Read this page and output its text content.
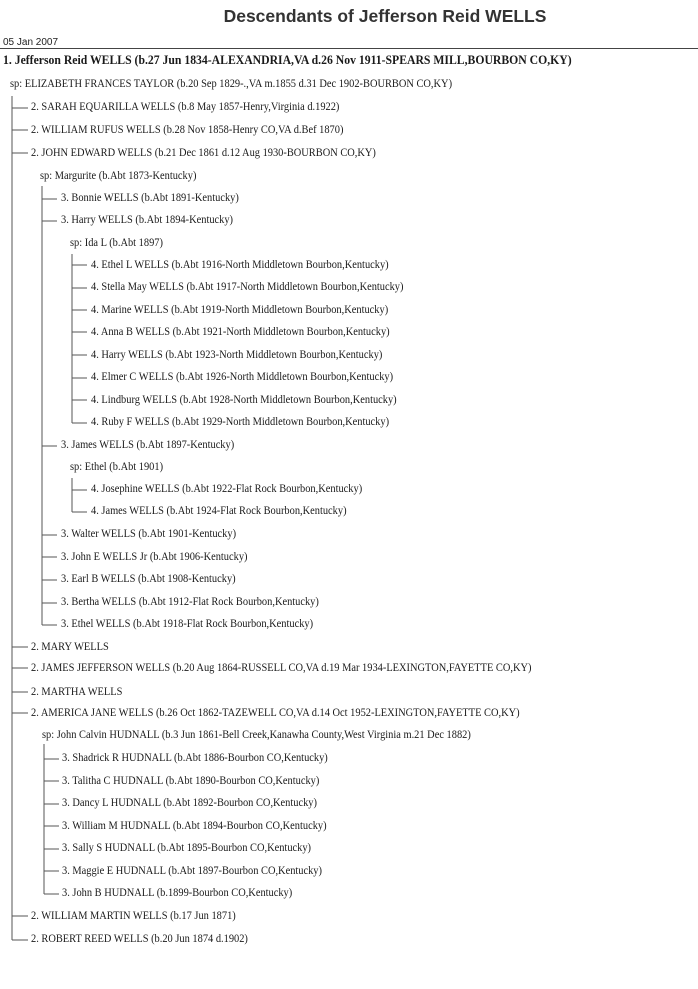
Descendants of Jefferson Reid WELLS
05 Jan 2007
1. Jefferson Reid WELLS (b.27 Jun 1834-ALEXANDRIA,VA d.26 Nov 1911-SPEARS MILL,BOURBON CO,KY)
sp: ELIZABETH FRANCES TAYLOR (b.20 Sep 1829-.,VA m.1855 d.31 Dec 1902-BOURBON CO,KY)
2. SARAH EQUARILLA WELLS (b.8 May 1857-Henry,Virginia d.1922)
2. WILLIAM RUFUS WELLS (b.28 Nov 1858-Henry CO,VA d.Bef 1870)
2. JOHN EDWARD WELLS (b.21 Dec 1861 d.12 Aug 1930-BOURBON CO,KY)
sp: Margurite (b.Abt 1873-Kentucky)
3. Bonnie WELLS (b.Abt 1891-Kentucky)
3. Harry WELLS (b.Abt 1894-Kentucky)
sp: Ida L (b.Abt 1897)
4. Ethel L WELLS (b.Abt 1916-North Middletown Bourbon,Kentucky)
4. Stella May WELLS (b.Abt 1917-North Middletown Bourbon,Kentucky)
4. Marine WELLS (b.Abt 1919-North Middletown Bourbon,Kentucky)
4. Anna B WELLS (b.Abt 1921-North Middletown Bourbon,Kentucky)
4. Harry WELLS (b.Abt 1923-North Middletown Bourbon,Kentucky)
4. Elmer C WELLS (b.Abt 1926-North Middletown Bourbon,Kentucky)
4. Lindburg WELLS (b.Abt 1928-North Middletown Bourbon,Kentucky)
4. Ruby F WELLS (b.Abt 1929-North Middletown Bourbon,Kentucky)
3. James WELLS (b.Abt 1897-Kentucky)
sp: Ethel (b.Abt 1901)
4. Josephine WELLS (b.Abt 1922-Flat Rock Bourbon,Kentucky)
4. James WELLS (b.Abt 1924-Flat Rock Bourbon,Kentucky)
3. Walter WELLS (b.Abt 1901-Kentucky)
3. John E WELLS Jr (b.Abt 1906-Kentucky)
3. Earl B WELLS (b.Abt 1908-Kentucky)
3. Bertha WELLS (b.Abt 1912-Flat Rock Bourbon,Kentucky)
3. Ethel WELLS (b.Abt 1918-Flat Rock Bourbon,Kentucky)
2. MARY WELLS
2. JAMES JEFFERSON WELLS (b.20 Aug 1864-RUSSELL CO,VA d.19 Mar 1934-LEXINGTON,FAYETTE CO,KY)
2. MARTHA WELLS
2. AMERICA JANE WELLS (b.26 Oct 1862-TAZEWELL CO,VA d.14 Oct 1952-LEXINGTON,FAYETTE CO,KY)
sp: John Calvin HUDNALL (b.3 Jun 1861-Bell Creek,Kanawha County,West Virginia m.21 Dec 1882)
3. Shadrick R HUDNALL (b.Abt 1886-Bourbon CO,Kentucky)
3. Talitha C HUDNALL (b.Abt 1890-Bourbon CO,Kentucky)
3. Dancy L HUDNALL (b.Abt 1892-Bourbon CO,Kentucky)
3. William M HUDNALL (b.Abt 1894-Bourbon CO,Kentucky)
3. Sally S HUDNALL (b.Abt 1895-Bourbon CO,Kentucky)
3. Maggie E HUDNALL (b.Abt 1897-Bourbon CO,Kentucky)
3. John B HUDNALL (b.1899-Bourbon CO,Kentucky)
2. WILLIAM MARTIN WELLS (b.17 Jun 1871)
2. ROBERT REED WELLS (b.20 Jun 1874 d.1902)
